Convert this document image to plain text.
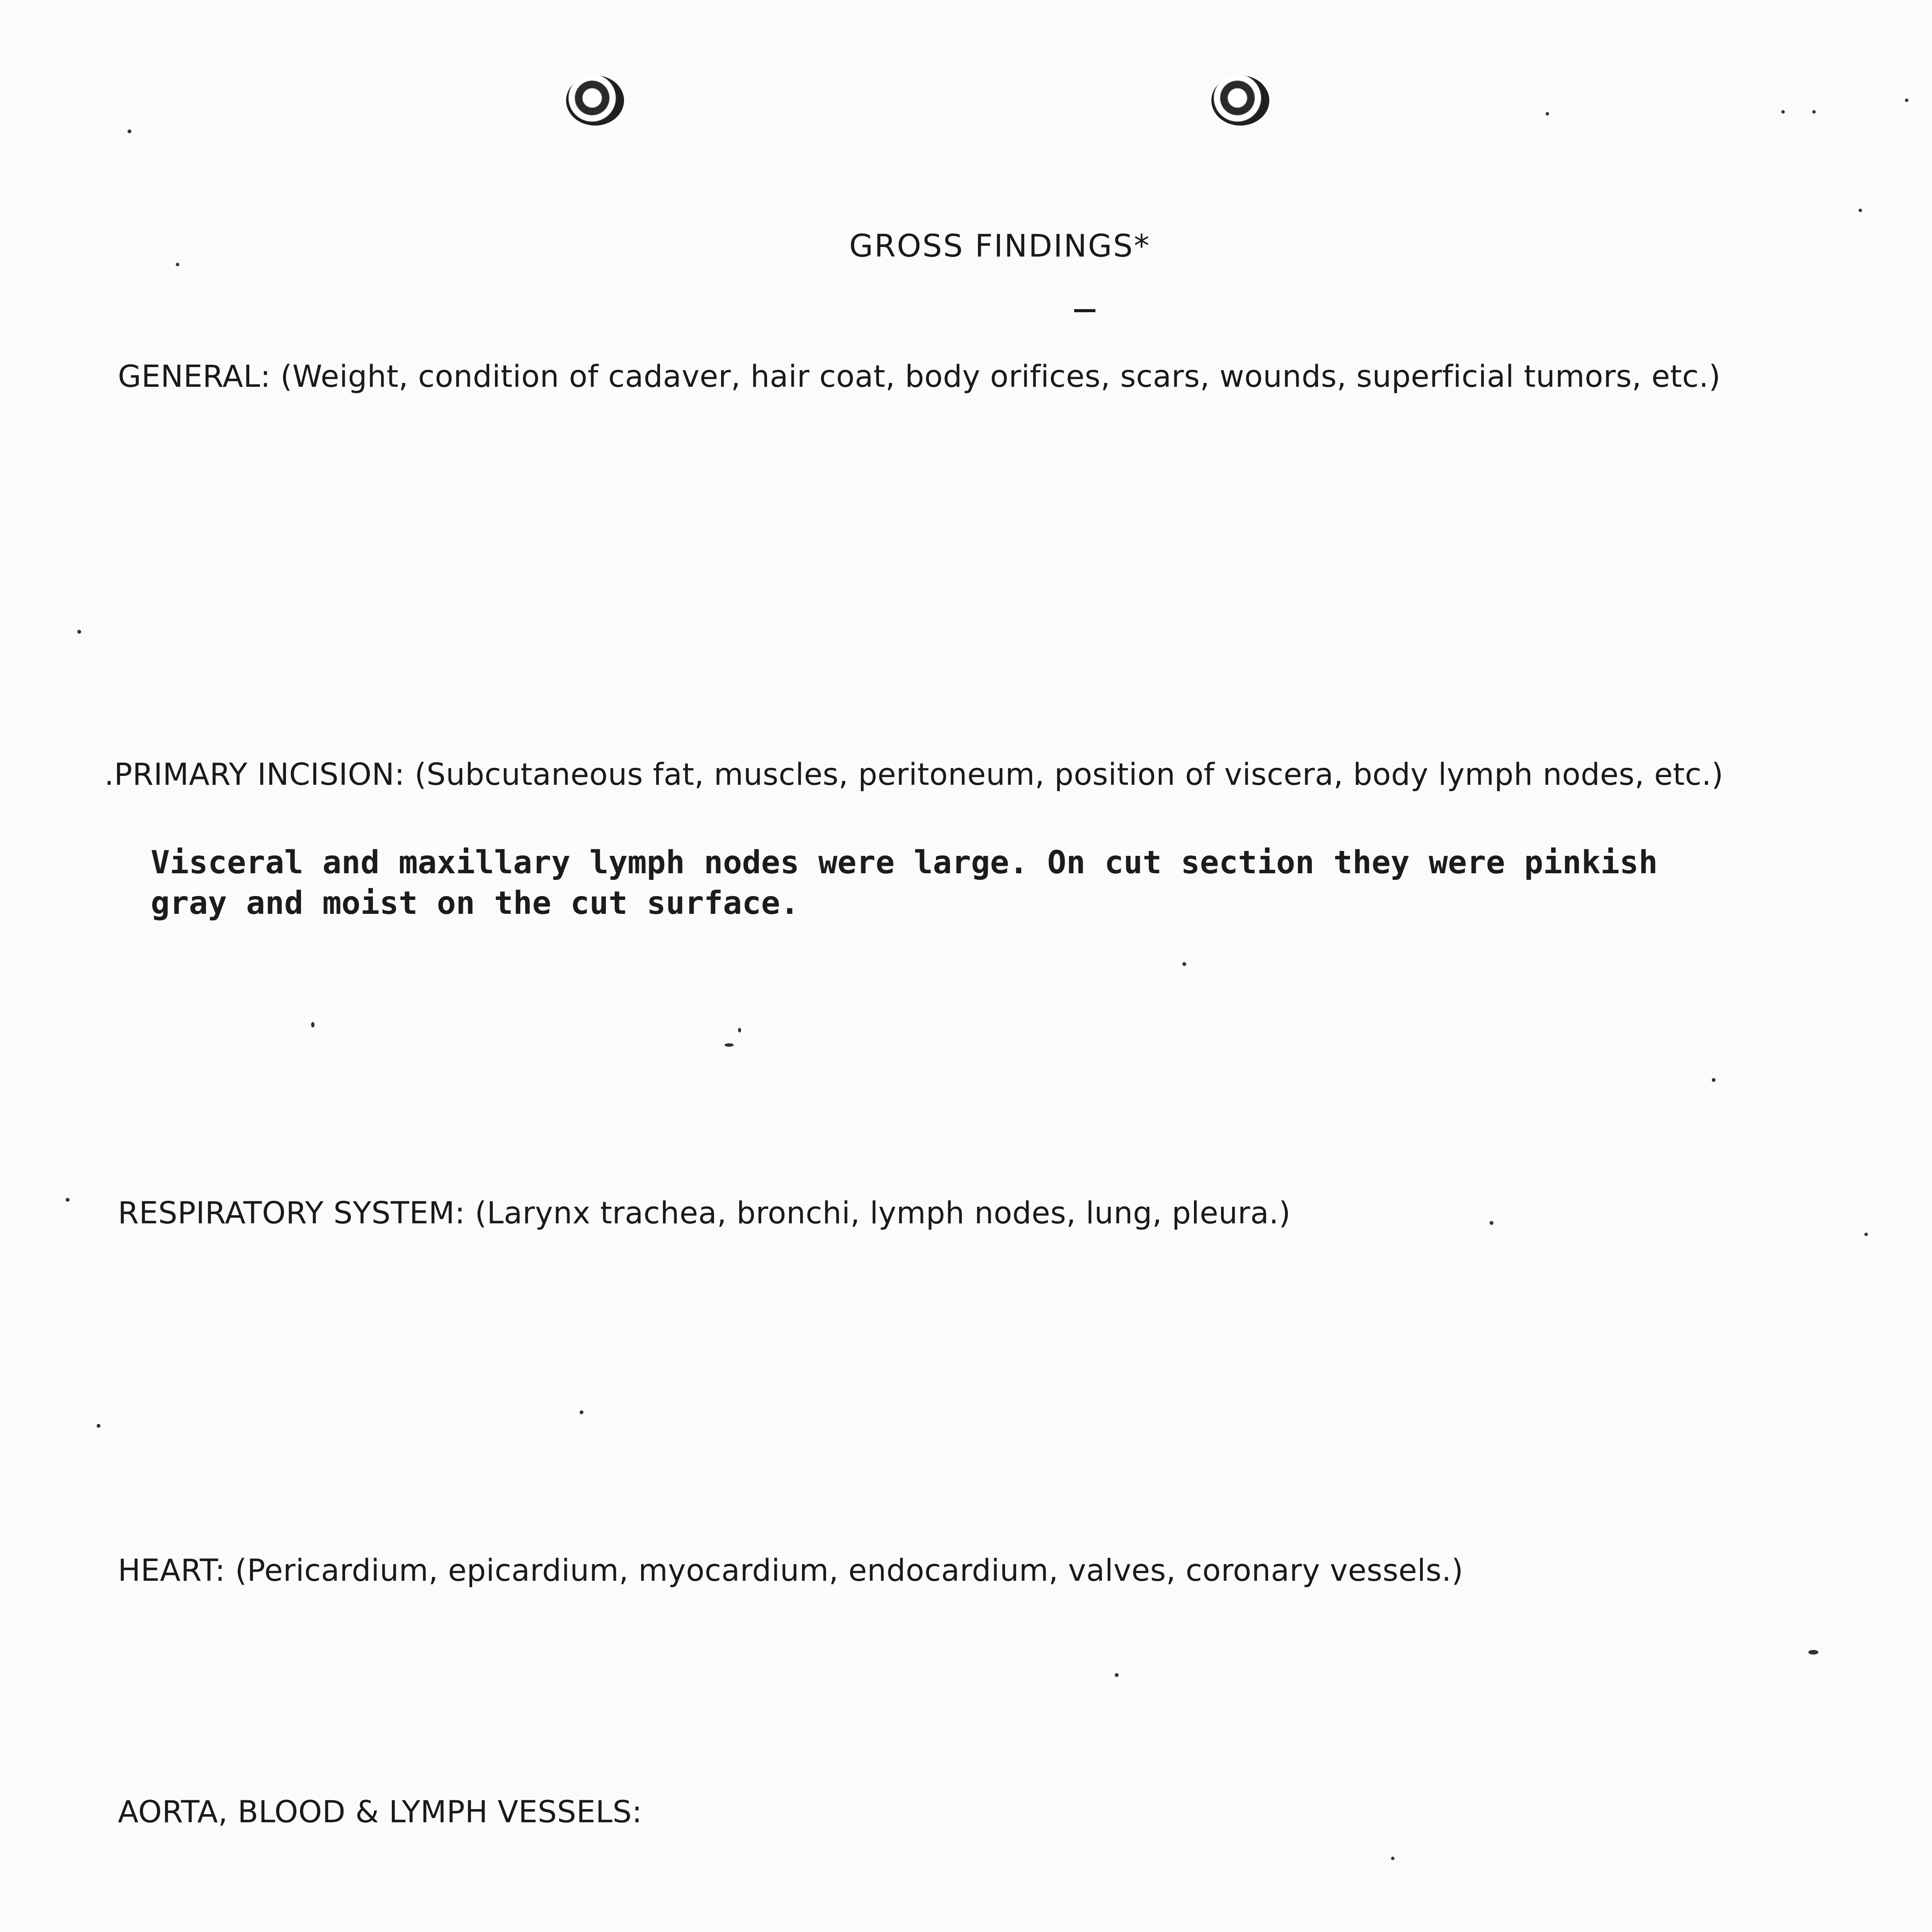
GROSS FINDINGS*
GENERAL: (Weight, condition of cadaver, hair coat, body orifices, scars, wounds, superficial tumors, etc.)
.PRIMARY INCISION: (Subcutaneous fat, muscles, peritoneum, position of viscera, body lymph nodes, etc.)
Visceral and maxillary lymph nodes were large. On cut section they were pinkish
gray and moist on the cut surface.
RESPIRATORY SYSTEM: (Larynx trachea, bronchi, lymph nodes, lung, pleura.)
HEART: (Pericardium, epicardium, myocardium, endocardium, valves, coronary vessels.)
AORTA, BLOOD & LYMPH VESSELS:
